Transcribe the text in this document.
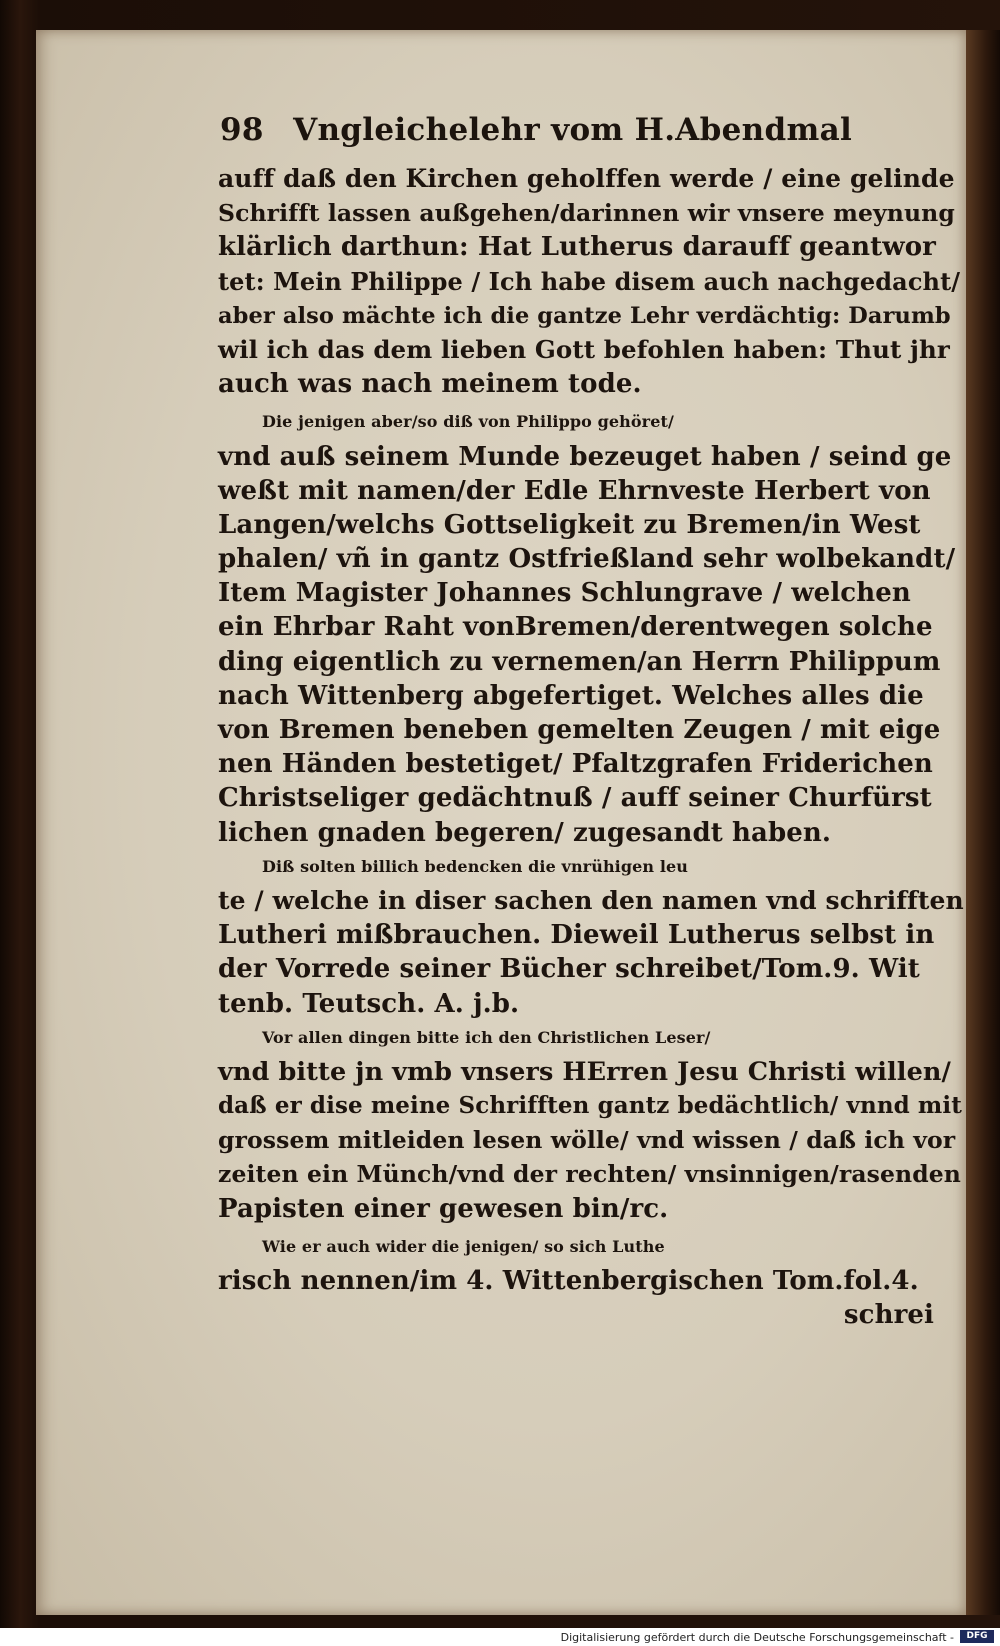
98 Vngleichelehr vom H.Abendmal
auff daß den Kirchen geholffen werde / eine gelinde
Schrifft lassen außgehen/darinnen wir vnsere meynung
klärlich darthun: Hat Lutherus darauff geantwor
tet: Mein Philippe / Ich habe disem auch nachgedacht/
aber also mächte ich die gantze Lehr verdächtig: Darumb
wil ich das dem lieben Gott befohlen haben: Thut jhr
auch was nach meinem tode.
Die jenigen aber/so diß von Philippo gehöret/
vnd auß seinem Munde bezeuget haben / seind ge
weßt mit namen/der Edle Ehrnveste Herbert von
Langen/welchs Gottseligkeit zu Bremen/in West
phalen/ vñ in gantz Ostfrießland sehr wolbekandt/
Item Magister Johannes Schlungrave / welchen
ein Ehrbar Raht vonBremen/derentwegen solche
ding eigentlich zu vernemen/an Herrn Philippum
nach Wittenberg abgefertiget. Welches alles die
von Bremen beneben gemelten Zeugen / mit eige
nen Händen bestetiget/ Pfaltzgrafen Friderichen
Christseliger gedächtnuß / auff seiner Churfürst
lichen gnaden begeren/ zugesandt haben.
Diß solten billich bedencken die vnrühigen leu
te / welche in diser sachen den namen vnd schrifften
Lutheri mißbrauchen. Dieweil Lutherus selbst in
der Vorrede seiner Bücher schreibet/Tom.9. Wit
tenb. Teutsch. A. j.b.
Vor allen dingen bitte ich den Christlichen Leser/
vnd bitte jn vmb vnsers HErren Jesu Christi willen/
daß er dise meine Schrifften gantz bedächtlich/ vnnd mit
grossem mitleiden lesen wölle/ vnd wissen / daß ich vor
zeiten ein Münch/vnd der rechten/ vnsinnigen/rasenden
Papisten einer gewesen bin/rc.
Wie er auch wider die jenigen/ so sich Luthe
risch nennen/im 4. Wittenbergischen Tom.fol.4.
schrei
Digitalisierung gefördert durch die Deutsche Forschungsgemeinschaft -	DFG
